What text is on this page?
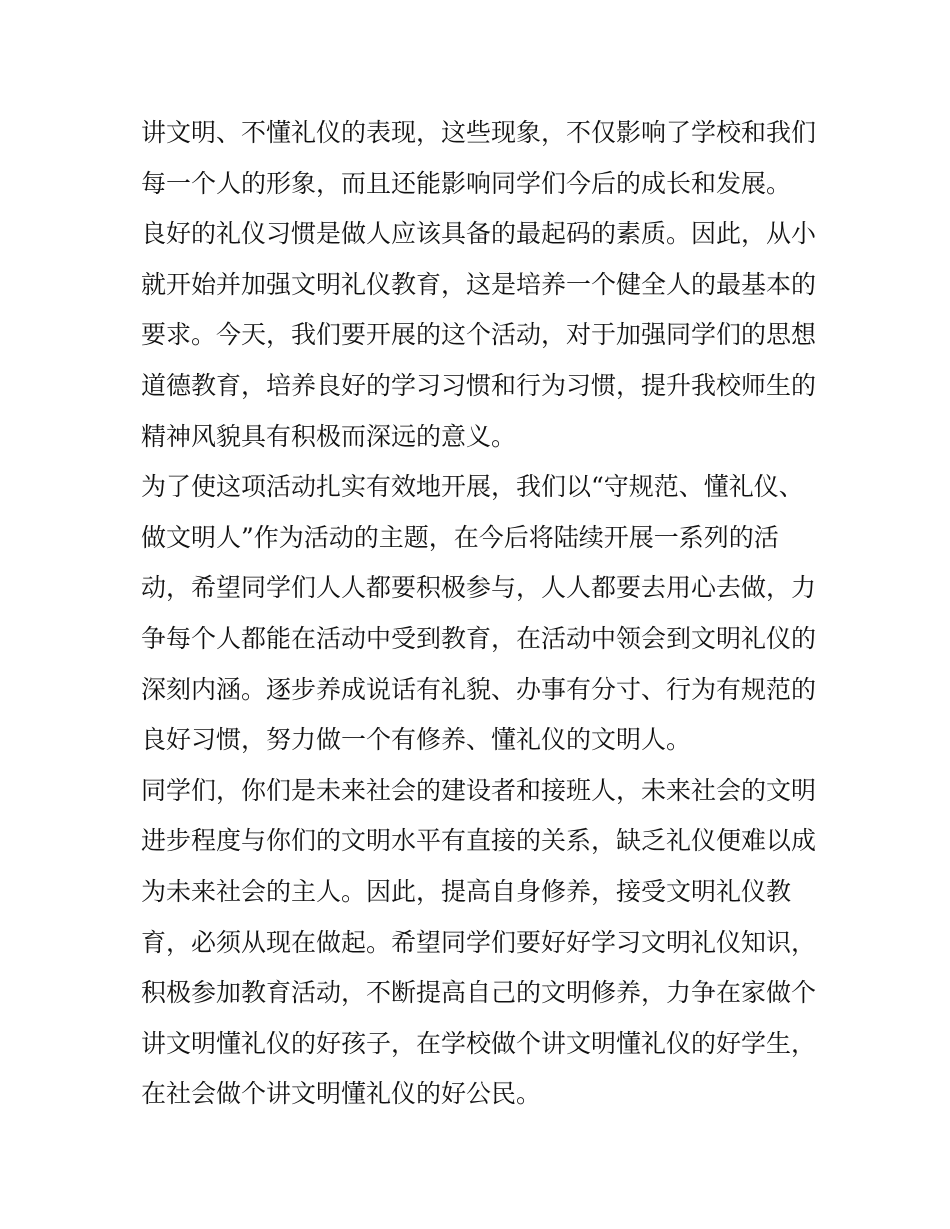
讲文明、不懂礼仪的表现，这些现象，不仅影响了学校和我们
每一个人的形象，而且还能影响同学们今后的成长和发展。
良好的礼仪习惯是做人应该具备的最起码的素质。因此，从小
就开始并加强文明礼仪教育，这是培养一个健全人的最基本的
要求。今天，我们要开展的这个活动，对于加强同学们的思想
道德教育，培养良好的学习习惯和行为习惯，提升我校师生的
精神风貌具有积极而深远的意义。
为了使这项活动扎实有效地开展，我们以“守规范、懂礼仪、
做文明人”作为活动的主题，在今后将陆续开展一系列的活
动，希望同学们人人都要积极参与，人人都要去用心去做，力
争每个人都能在活动中受到教育，在活动中领会到文明礼仪的
深刻内涵。逐步养成说话有礼貌、办事有分寸、行为有规范的
良好习惯，努力做一个有修养、懂礼仪的文明人。
同学们，你们是未来社会的建设者和接班人，未来社会的文明
进步程度与你们的文明水平有直接的关系，缺乏礼仪便难以成
为未来社会的主人。因此，提高自身修养，接受文明礼仪教
育，必须从现在做起。希望同学们要好好学习文明礼仪知识，
积极参加教育活动，不断提高自己的文明修养，力争在家做个
讲文明懂礼仪的好孩子，在学校做个讲文明懂礼仪的好学生，
在社会做个讲文明懂礼仪的好公民。
